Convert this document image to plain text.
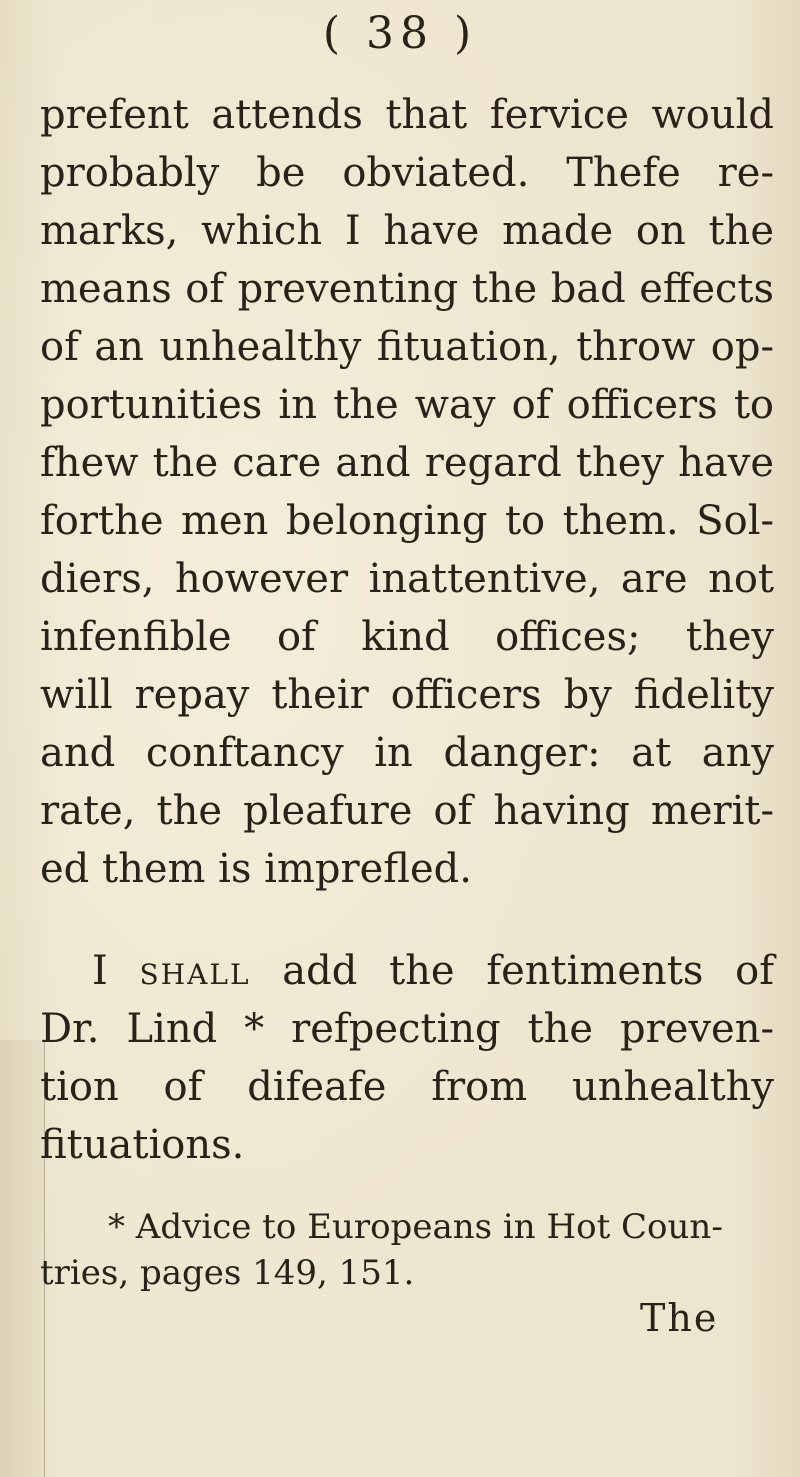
( 38 )
prefent attends that fervice would
probably be obviated. Thefe re-
marks, which I have made on the
means of preventing the bad effects
of an unhealthy fituation, throw op-
portunities in the way of officers to
fhew the care and regard they have
forthe men belonging to them. Sol-
diers, however inattentive, are not
infenfible of kind offices; they
will repay their officers by fidelity
and conftancy in danger: at any
rate, the pleafure of having merit-
ed them is imprefled.
I shall add the fentiments of
Dr. Lind * refpecting the preven-
tion of difeafe from unhealthy
fituations.
* Advice to Europeans in Hot Coun-
tries, pages 149, 151.
The
